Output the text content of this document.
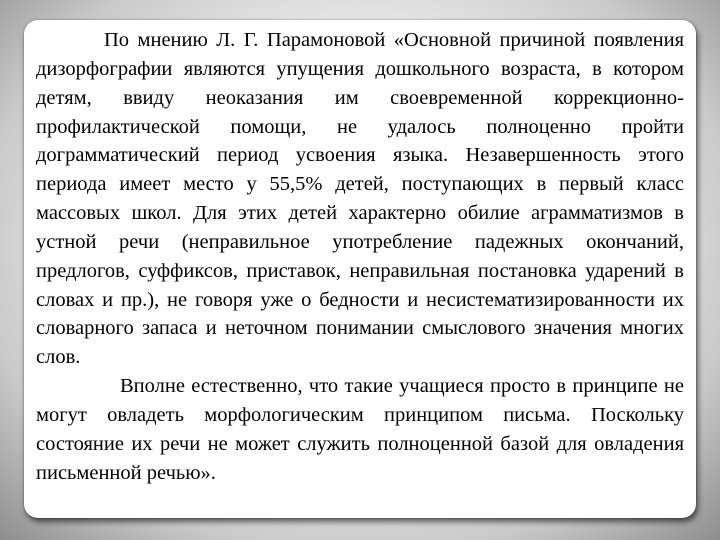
По мнению Л. Г. Парамоновой «Основной причиной появления дизорфографии являются упущения дошкольного возраста, в котором детям, ввиду неоказания им своевременной коррекционно-профилактической помощи, не удалось полноценно пройти дограмматический период усвоения языка. Незавершенность этого периода имеет место у 55,5% детей, поступающих в первый класс массовых школ. Для этих детей характерно обилие аграмматизмов в устной речи (неправильное употребление падежных окончаний, предлогов, суффиксов, приставок, неправильная постановка ударений в словах и пр.), не говоря уже о бедности и несистематизированности их словарного запаса и неточном понимании смыслового значения многих слов.

Вполне естественно, что такие учащиеся просто в принципе не могут овладеть морфологическим принципом письма. Поскольку состояние их речи не может служить полноценной базой для овладения письменной речью».
